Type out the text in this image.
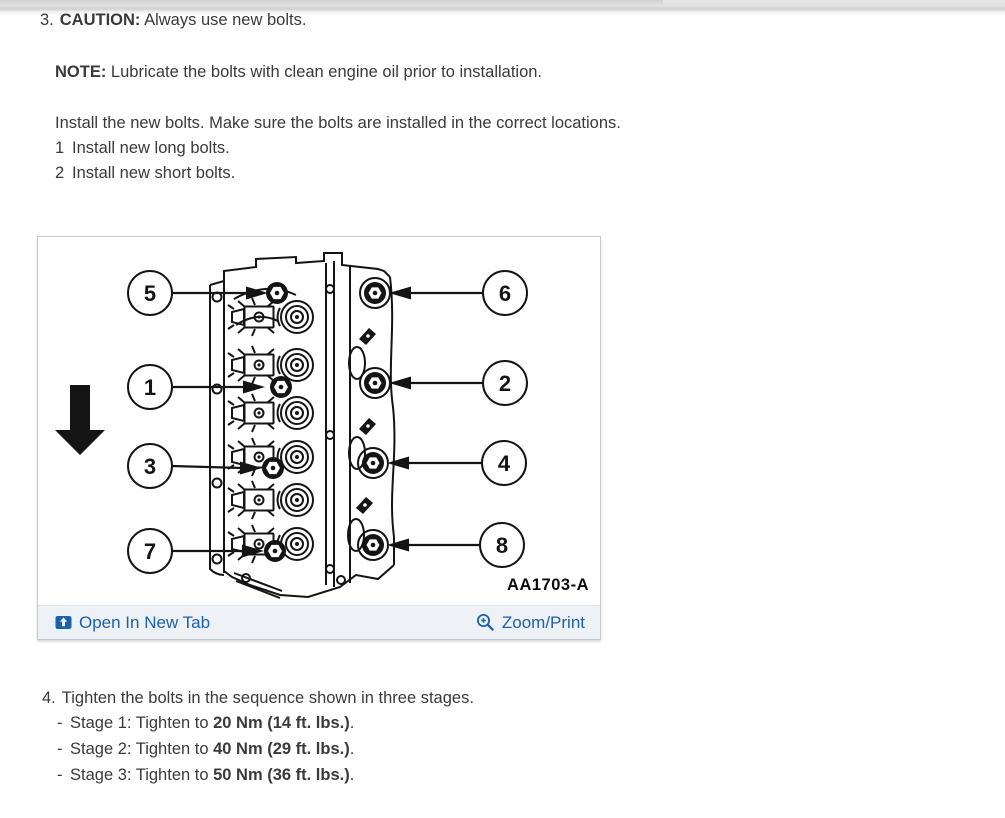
3. CAUTION: Always use new bolts.
NOTE: Lubricate the bolts with clean engine oil prior to installation.
Install the new bolts. Make sure the bolts are installed in the correct locations.
1 Install new long bolts.
2 Install new short bolts.
5
1
3
7
6
2
4
8
AA1703-A
Open In New Tab	Zoom/Print
4. Tighten the bolts in the sequence shown in three stages.
- Stage 1: Tighten to 20 Nm (14 ft. lbs.).
- Stage 2: Tighten to 40 Nm (29 ft. lbs.).
- Stage 3: Tighten to 50 Nm (36 ft. lbs.).
